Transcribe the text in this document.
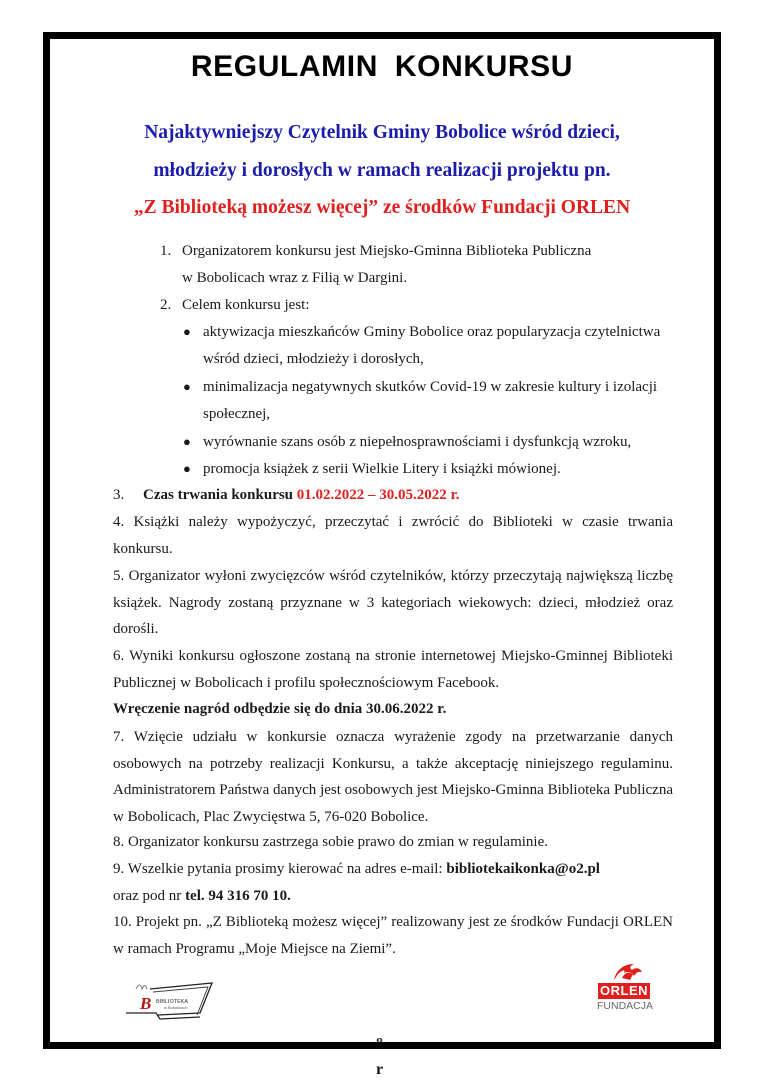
REGULAMIN KONKURSU
Najaktywniejszy Czytelnik Gminy Bobolice wśród dzieci,
młodzieży i dorosłych w ramach realizacji projektu pn.
„Z Biblioteką możesz więcej” ze środków Fundacji ORLEN
1. Organizatorem konkursu jest Miejsko-Gminna Biblioteka Publiczna
w Bobolicach wraz z Filią w Dargini.
2. Celem konkursu jest:
● aktywizacja mieszkańców Gminy Bobolice oraz popularyzacja czytelnictwa
wśród dzieci, młodzieży i dorosłych,
● minimalizacja negatywnych skutków Covid-19 w zakresie kultury i izolacji
społecznej,
● wyrównanie szans osób z niepełnosprawnościami i dysfunkcją wzroku,
● promocja książek z serii Wielkie Litery i książki mówionej.
3. Czas trwania konkursu 01.02.2022 – 30.05.2022 r.
4. Książki należy wypożyczyć, przeczytać i zwrócić do Biblioteki w czasie trwania konkursu.
5. Organizator wyłoni zwycięzców wśród czytelników, którzy przeczytają największą liczbę książek. Nagrody zostaną przyznane w 3 kategoriach wiekowych: dzieci, młodzież oraz dorośli.
6. Wyniki konkursu ogłoszone zostaną na stronie internetowej Miejsko-Gminnej Biblioteki Publicznej w Bobolicach i profilu społecznościowym Facebook.
Wręczenie nagród odbędzie się do dnia 30.06.2022 r.
7. Wzięcie udziału w konkursie oznacza wyrażenie zgody na przetwarzanie danych osobowych na potrzeby realizacji Konkursu, a także akceptację niniejszego regulaminu. Administratorem Państwa danych jest osobowych jest Miejsko-Gminna Biblioteka Publiczna w Bobolicach, Plac Zwycięstwa 5, 76-020 Bobolice.
8. Organizator konkursu zastrzega sobie prawo do zmian w regulaminie.
9. Wszelkie pytania prosimy kierować na adres e-mail: bibliotekaikonka@o2.pl
oraz pod nr tel. 94 316 70 10.
10. Projekt pn. „Z Biblioteką możesz więcej” realizowany jest ze środków Fundacji ORLEN w ramach Programu „Moje Miejsce na Ziemi”.
B BIBLIOTEKA
w Bobolicach
ORLEN
FUNDACJA
r
